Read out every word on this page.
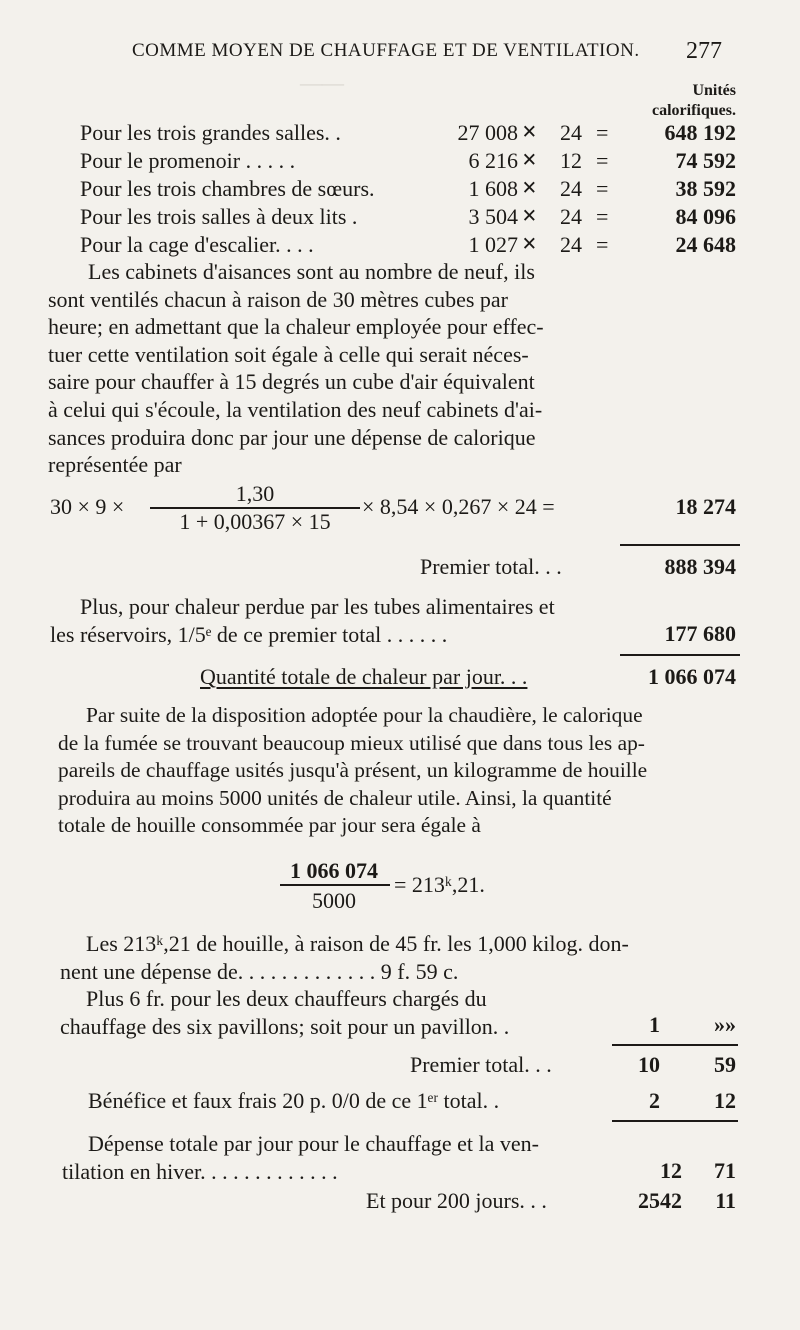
——
COMME MOYEN DE CHAUFFAGE ET DE VENTILATION. 277
Unités
calorifiques.
Pour les trois grandes salles. .	27 008 ×	24 =	648 192
Pour le promenoir . . . . .	6 216 ×	12 =	74 592
Pour les trois chambres de sœurs.	1 608 ×	24 =	38 592
Pour les trois salles à deux lits .	3 504 ×	24 =	84 096
Pour la cage d'escalier. . . .	1 027 ×	24 =	24 648
Les cabinets d'aisances sont au nombre de neuf, ils
sont ventilés chacun à raison de 30 mètres cubes par
heure; en admettant que la chaleur employée pour effec-
tuer cette ventilation soit égale à celle qui serait néces-
saire pour chauffer à 15 degrés un cube d'air équivalent
à celui qui s'écoule, la ventilation des neuf cabinets d'ai-
sances produira donc par jour une dépense de calorique
représentée par
30 × 9 ×
1,30
1 + 0,00367 × 15
× 8,54 × 0,267 × 24 =	18 274
Premier total. . .	888 394
Plus, pour chaleur perdue par les tubes alimentaires et
les réservoirs, 1/5ᵉ de ce premier total . . . . . .	177 680
Quantité totale de chaleur par jour. . .	1 066 074
Par suite de la disposition adoptée pour la chaudière, le calorique
de la fumée se trouvant beaucoup mieux utilisé que dans tous les ap-
pareils de chauffage usités jusqu'à présent, un kilogramme de houille
produira au moins 5000 unités de chaleur utile. Ainsi, la quantité
totale de houille consommée par jour sera égale à
1 066 074
5000
= 213ᵏ,21.
Les 213ᵏ,21 de houille, à raison de 45 fr. les 1,000 kilog. don-
nent une dépense de. . . . . . . . . . . . . 9 f. 59 c.
Plus 6 fr. pour les deux chauffeurs chargés du
chauffage des six pavillons; soit pour un pavillon. .	1	»»
Premier total. . .	10	59
Bénéfice et faux frais 20 p. 0/0 de ce 1ᵉʳ total. .	2	12
Dépense totale par jour pour le chauffage et la ven-
tilation en hiver. . . . . . . . . . . . .	12	71
Et pour 200 jours. . .	2542	11
